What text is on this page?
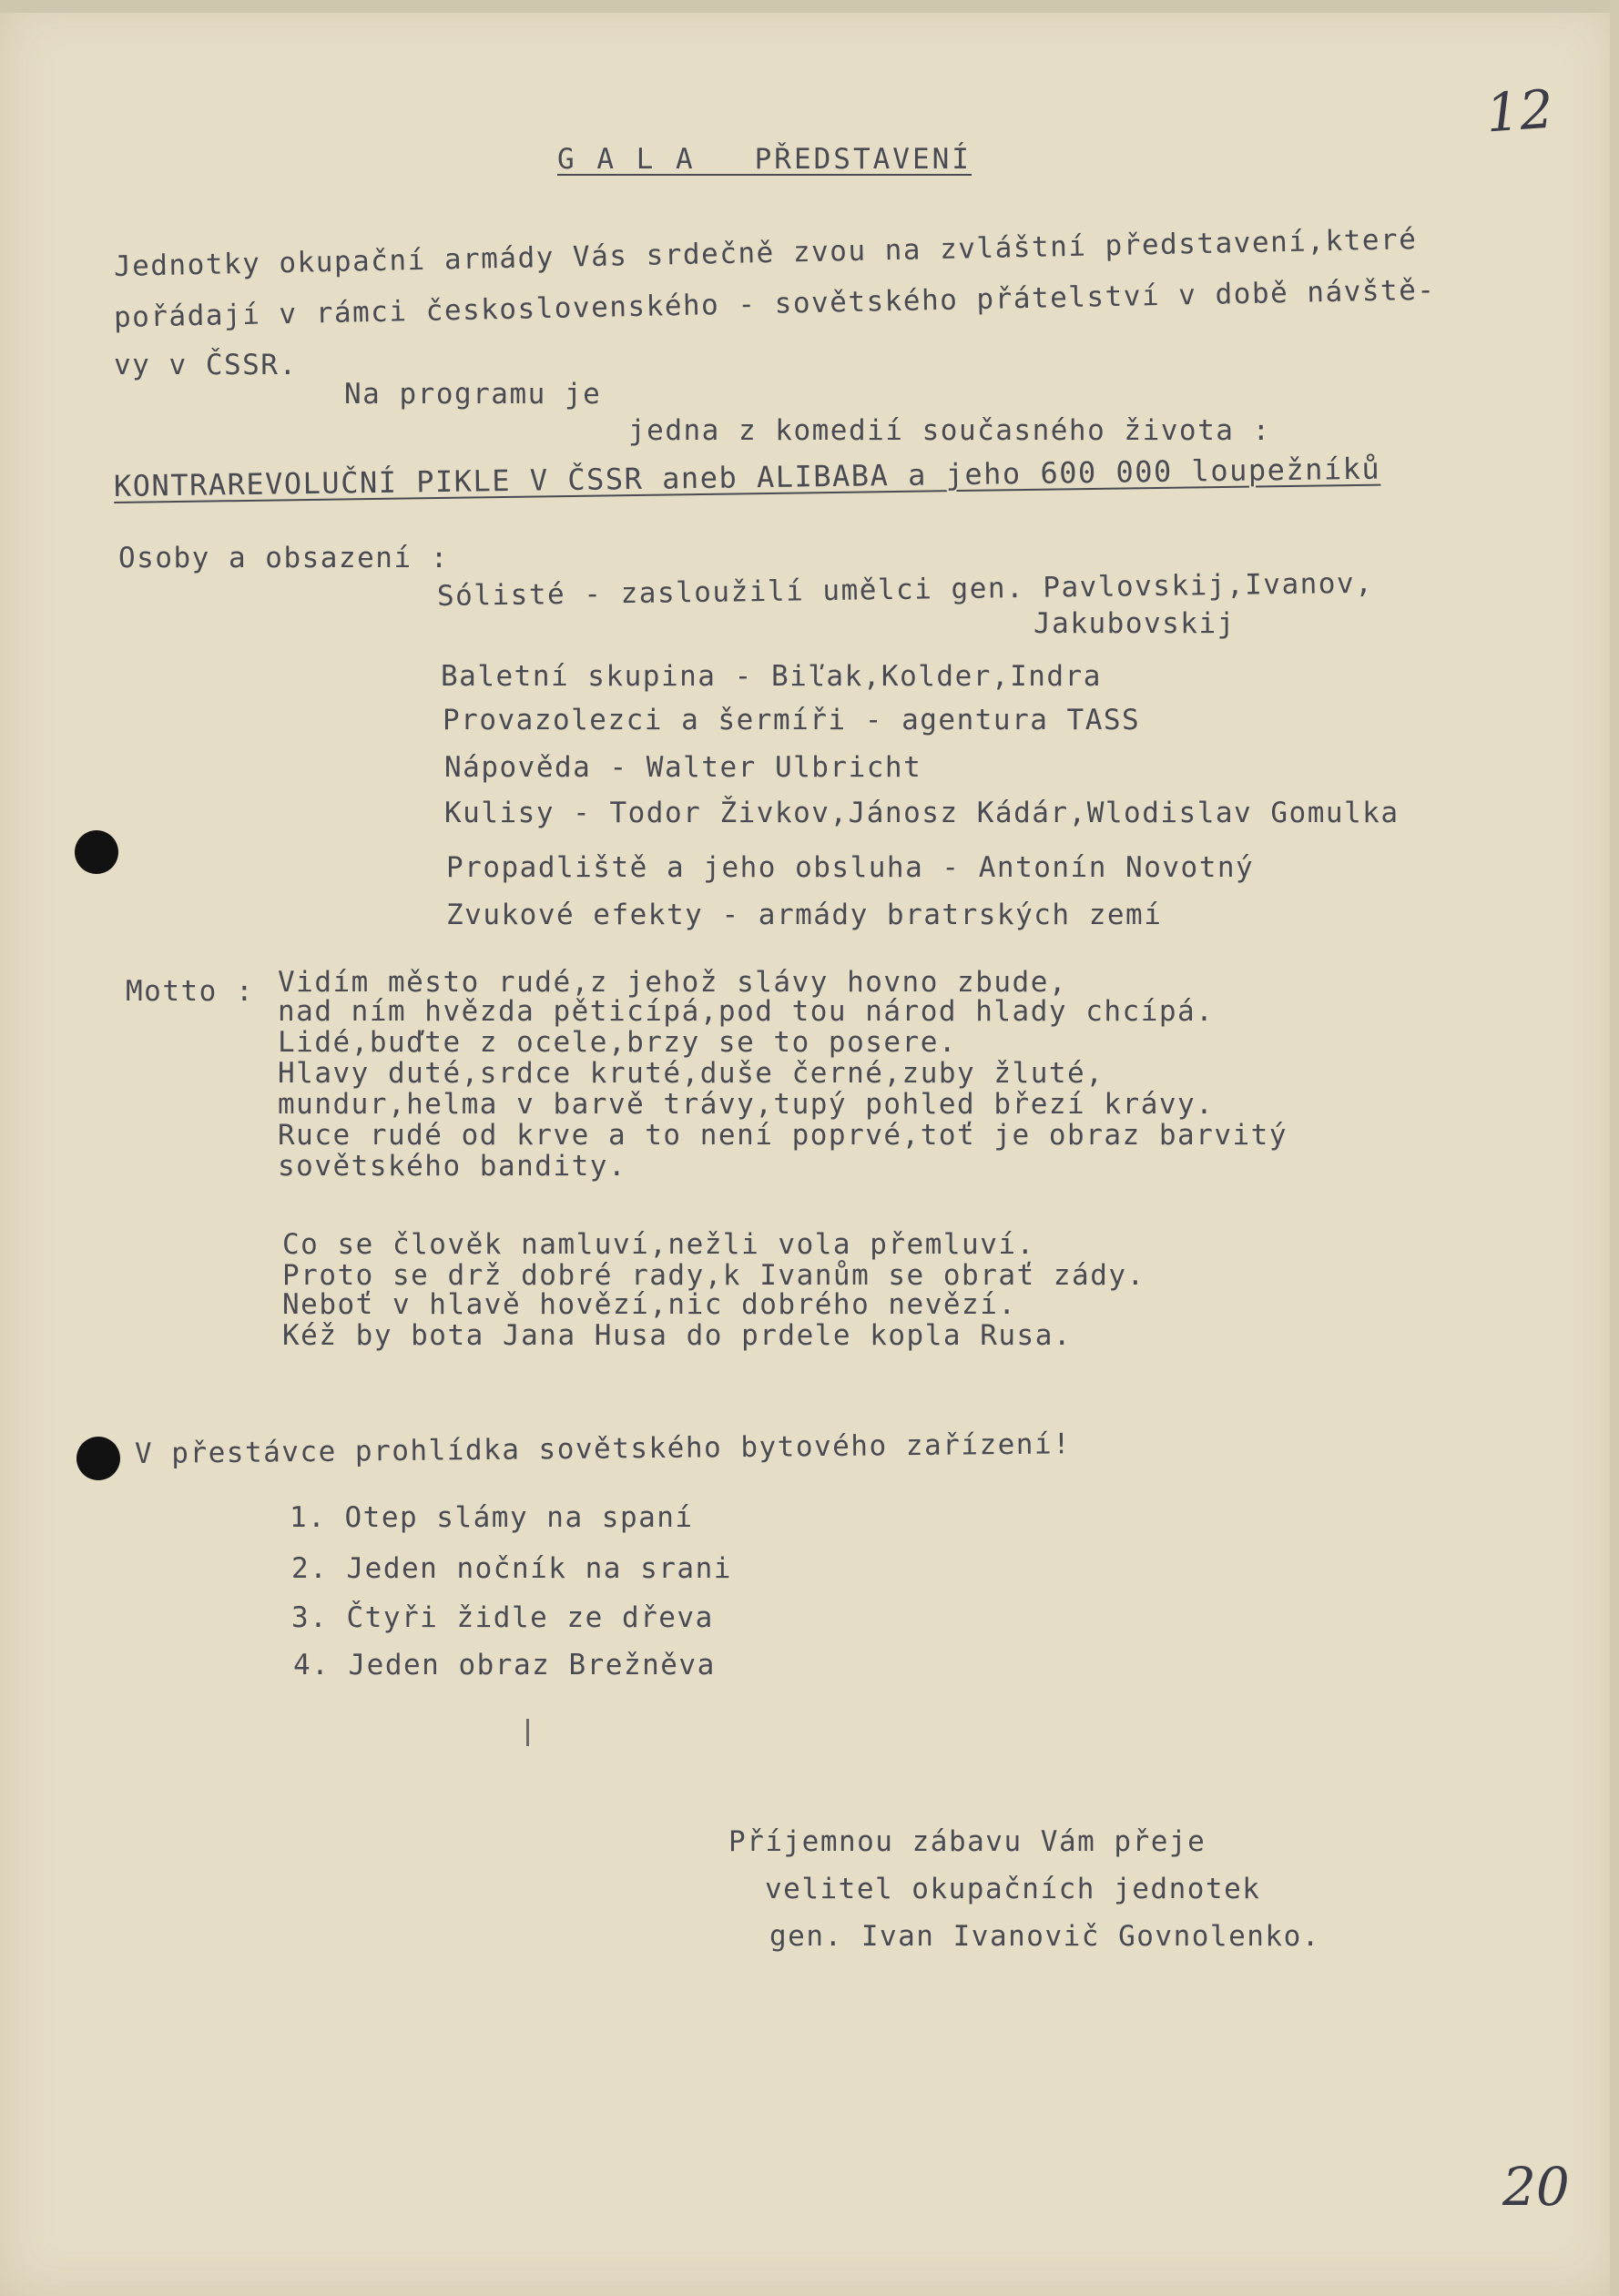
12
G A L A   PŘEDSTAVENÍ
Jednotky okupační armády Vás srdečně zvou na zvláštní představení,které
pořádají v rámci československého - sovětského přátelství v době návště-
vy v ČSSR.
Na programu je
jedna z komedií současného života :
KONTRAREVOLUČNÍ PIKLE V ČSSR aneb ALIBABA a jeho 600 000 loupežníků
Osoby a obsazení :
Sólisté - zasloužilí umělci gen. Pavlovskij,Ivanov,
Jakubovskij
Baletní skupina - Biľak,Kolder,Indra
Provazolezci a šermíři - agentura TASS
Nápověda - Walter Ulbricht
Kulisy - Todor Živkov,Jánosz Kádár,Wlodislav Gomulka
Propadliště a jeho obsluha - Antonín Novotný
Zvukové efekty - armády bratrských zemí
Motto : Vidím město rudé,z jehož slávy hovno zbude,
nad ním hvězda pěticípá,pod tou národ hlady chcípá.
Lidé,buďte z ocele,brzy se to posere.
Hlavy duté,srdce kruté,duše černé,zuby žluté,
mundur,helma v barvě trávy,tupý pohled březí krávy.
Ruce rudé od krve a to není poprvé,toť je obraz barvitý
sovětského bandity.
Co se člověk namluví,nežli vola přemluví.
Proto se drž dobré rady,k Ivanům se obrať zády.
Neboť v hlavě hovězí,nic dobrého nevězí.
Kéž by bota Jana Husa do prdele kopla Rusa.
V přestávce prohlídka sovětského bytového zařízení!
1. Otep slámy na spaní
2. Jeden nočník na srani
3. Čtyři židle ze dřeva
4. Jeden obraz Brežněva
Příjemnou zábavu Vám přeje
velitel okupačních jednotek
gen. Ivan Ivanovič Govnolenko.
20
